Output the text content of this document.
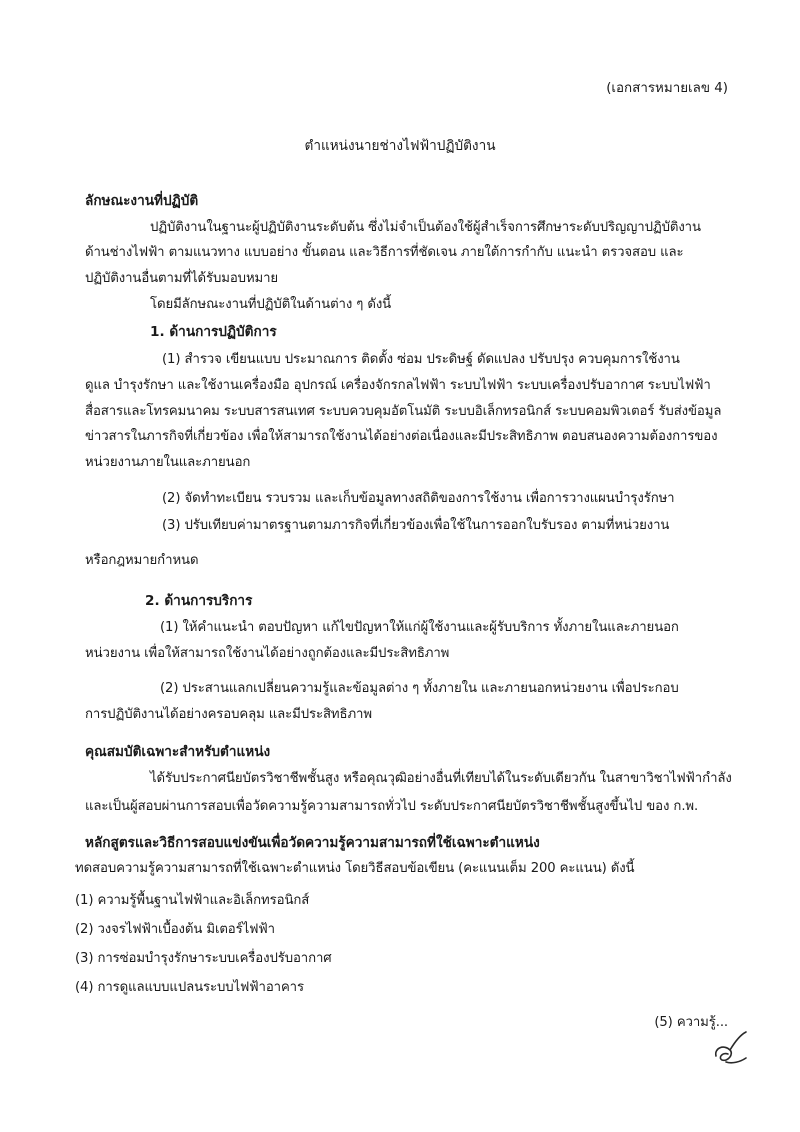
(เอกสารหมายเลข 4)

ตำแหน่งนายช่างไฟฟ้าปฏิบัติงาน

ลักษณะงานที่ปฏิบัติ

ปฏิบัติงานในฐานะผู้ปฏิบัติงานระดับต้น ซึ่งไม่จำเป็นต้องใช้ผู้สำเร็จการศึกษาระดับปริญญาปฏิบัติงาน

ด้านช่างไฟฟ้า ตามแนวทาง แบบอย่าง ขั้นตอน และวิธีการที่ชัดเจน ภายใต้การกำกับ แนะนำ ตรวจสอบ และ

ปฏิบัติงานอื่นตามที่ได้รับมอบหมาย

โดยมีลักษณะงานที่ปฏิบัติในด้านต่าง ๆ ดังนี้

1. ด้านการปฏิบัติการ

(1) สำรวจ เขียนแบบ ประมาณการ ติดตั้ง ซ่อม ประดิษฐ์ ดัดแปลง ปรับปรุง ควบคุมการใช้งาน

ดูแล บำรุงรักษา และใช้งานเครื่องมือ อุปกรณ์ เครื่องจักรกลไฟฟ้า ระบบไฟฟ้า ระบบเครื่องปรับอากาศ ระบบไฟฟ้า

สื่อสารและโทรคมนาคม ระบบสารสนเทศ ระบบควบคุมอัตโนมัติ ระบบอิเล็กทรอนิกส์ ระบบคอมพิวเตอร์ รับส่งข้อมูล

ข่าวสารในภารกิจที่เกี่ยวข้อง เพื่อให้สามารถใช้งานได้อย่างต่อเนื่องและมีประสิทธิภาพ ตอบสนองความต้องการของ

หน่วยงานภายในและภายนอก

(2) จัดทำทะเบียน รวบรวม และเก็บข้อมูลทางสถิติของการใช้งาน เพื่อการวางแผนบำรุงรักษา

(3) ปรับเทียบค่ามาตรฐานตามภารกิจที่เกี่ยวข้องเพื่อใช้ในการออกใบรับรอง ตามที่หน่วยงาน

หรือกฎหมายกำหนด

2. ด้านการบริการ

(1) ให้คำแนะนำ ตอบปัญหา แก้ไขปัญหาให้แก่ผู้ใช้งานและผู้รับบริการ ทั้งภายในและภายนอก

หน่วยงาน เพื่อให้สามารถใช้งานได้อย่างถูกต้องและมีประสิทธิภาพ

(2) ประสานแลกเปลี่ยนความรู้และข้อมูลต่าง ๆ ทั้งภายใน และภายนอกหน่วยงาน เพื่อประกอบ

การปฏิบัติงานได้อย่างครอบคลุม และมีประสิทธิภาพ

คุณสมบัติเฉพาะสำหรับตำแหน่ง

ได้รับประกาศนียบัตรวิชาชีพชั้นสูง หรือคุณวุฒิอย่างอื่นที่เทียบได้ในระดับเดียวกัน ในสาขาวิชาไฟฟ้ากำลัง

และเป็นผู้สอบผ่านการสอบเพื่อวัดความรู้ความสามารถทั่วไป ระดับประกาศนียบัตรวิชาชีพชั้นสูงขึ้นไป ของ ก.พ.

หลักสูตรและวิธีการสอบแข่งขันเพื่อวัดความรู้ความสามารถที่ใช้เฉพาะตำแหน่ง

ทดสอบความรู้ความสามารถที่ใช้เฉพาะตำแหน่ง โดยวิธีสอบข้อเขียน (คะแนนเต็ม 200 คะแนน) ดังนี้

(1) ความรู้พื้นฐานไฟฟ้าและอิเล็กทรอนิกส์

(2) วงจรไฟฟ้าเบื้องต้น มิเตอร์ไฟฟ้า

(3) การซ่อมบำรุงรักษาระบบเครื่องปรับอากาศ

(4) การดูแลแบบแปลนระบบไฟฟ้าอาคาร

(5) ความรู้...
